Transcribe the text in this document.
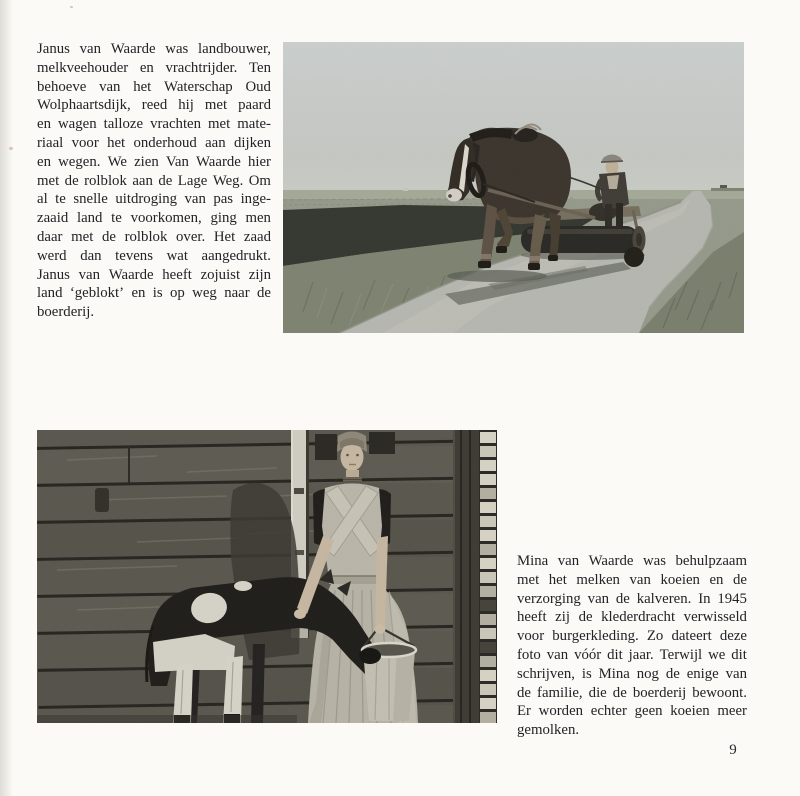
Janus van Waarde was landbouwer,
melkveehouder en vrachtrijder. Ten
behoeve van het Waterschap Oud
Wolphaartsdijk, reed hij met paard
en wagen talloze vrachten met mate-
riaal voor het onderhoud aan dijken
en wegen. We zien Van Waarde hier
met de rolblok aan de Lage Weg. Om
al te snelle uitdroging van pas inge-
zaaid land te voorkomen, ging men
daar met de rolblok over. Het zaad
werd dan tevens wat aangedrukt.
Janus van Waarde heeft zojuist zijn
land ‘geblokt’ en is op weg naar de
boerderij.
Mina van Waarde was behulpzaam
met het melken van koeien en de
verzorging van de kalveren. In 1945
heeft zij de klederdracht verwisseld
voor burgerkleding. Zo dateert deze
foto van vóór dit jaar. Terwijl we dit
schrijven, is Mina nog de enige van
de familie, die de boerderij bewoont.
Er worden echter geen koeien meer
gemolken.
9
